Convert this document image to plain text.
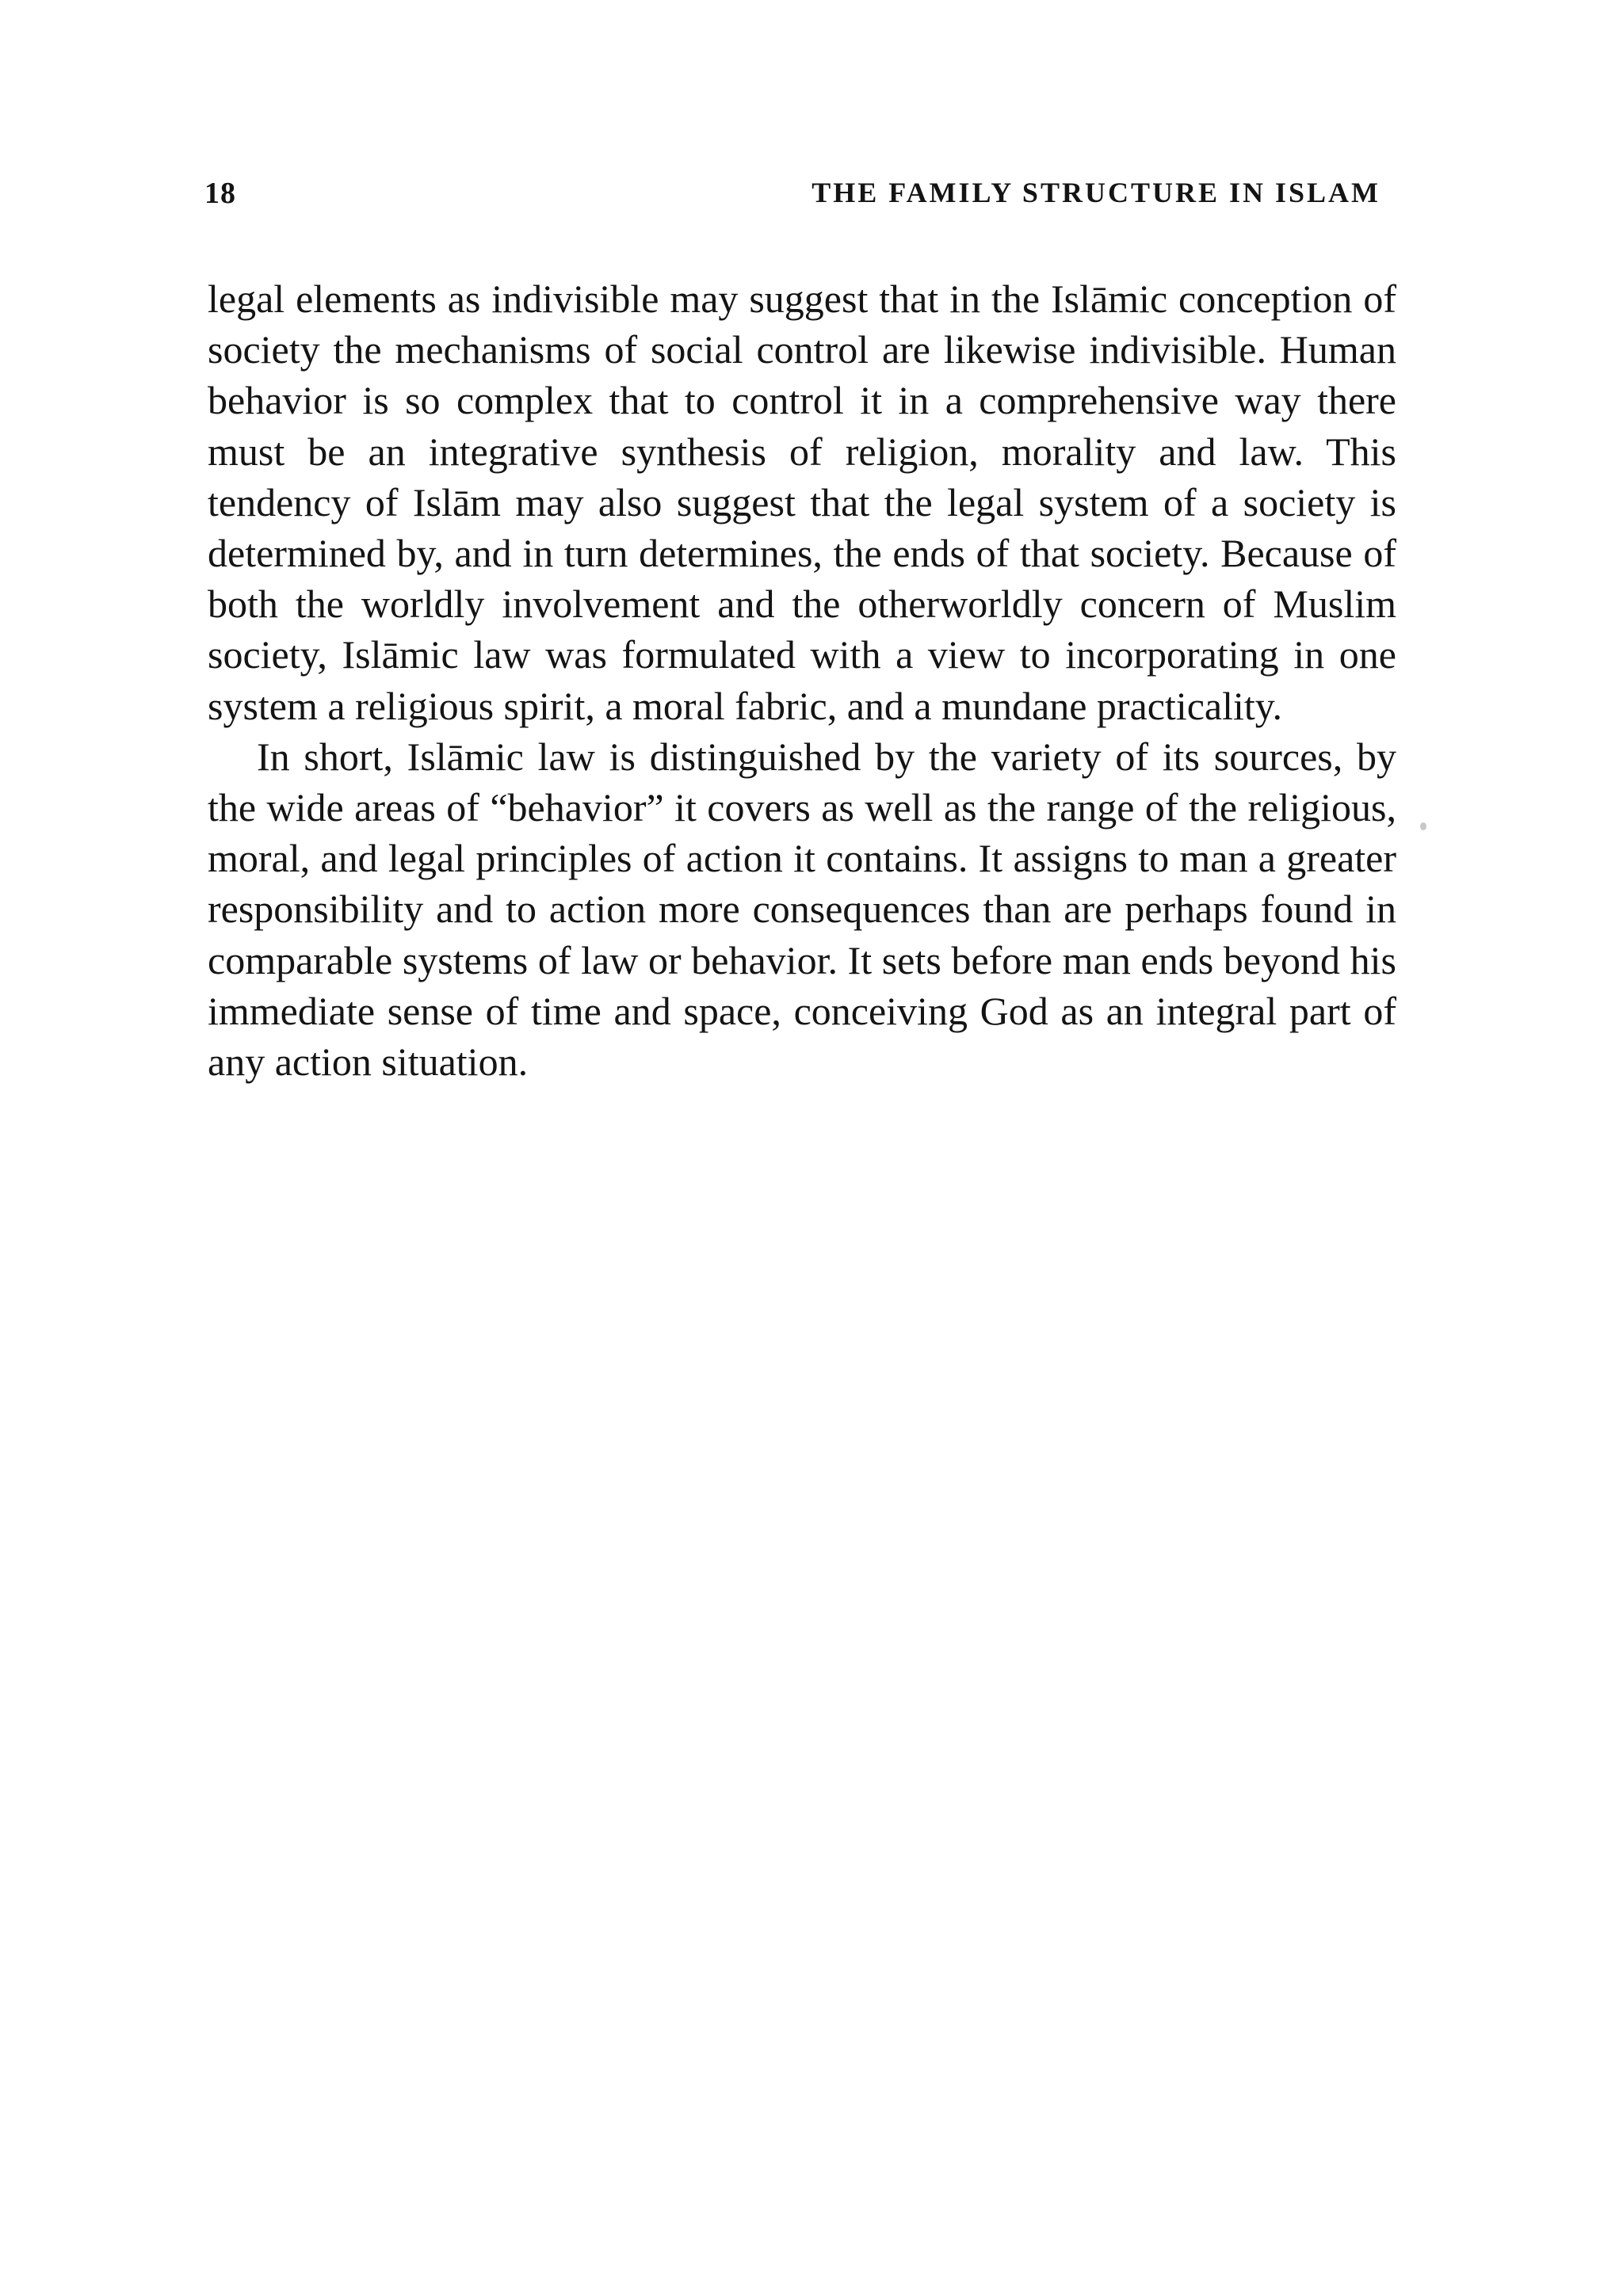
18	THE FAMILY STRUCTURE IN ISLAM

legal elements as indivisible may suggest that in the Islāmic conception of society the mechanisms of social control are likewise indivisible. Human behavior is so complex that to control it in a comprehensive way there must be an integrative synthesis of religion, morality and law. This tendency of Islām may also suggest that the legal system of a society is determined by, and in turn determines, the ends of that society. Because of both the worldly involvement and the otherworldly concern of Muslim society, Islāmic law was formulated with a view to incorporating in one system a religious spirit, a moral fabric, and a mundane practicality.

In short, Islāmic law is distinguished by the variety of its sources, by the wide areas of “behavior” it covers as well as the range of the religious, moral, and legal principles of action it contains. It assigns to man a greater responsibility and to action more consequences than are perhaps found in comparable systems of law or behavior. It sets before man ends beyond his immediate sense of time and space, conceiving God as an integral part of any action situation.
